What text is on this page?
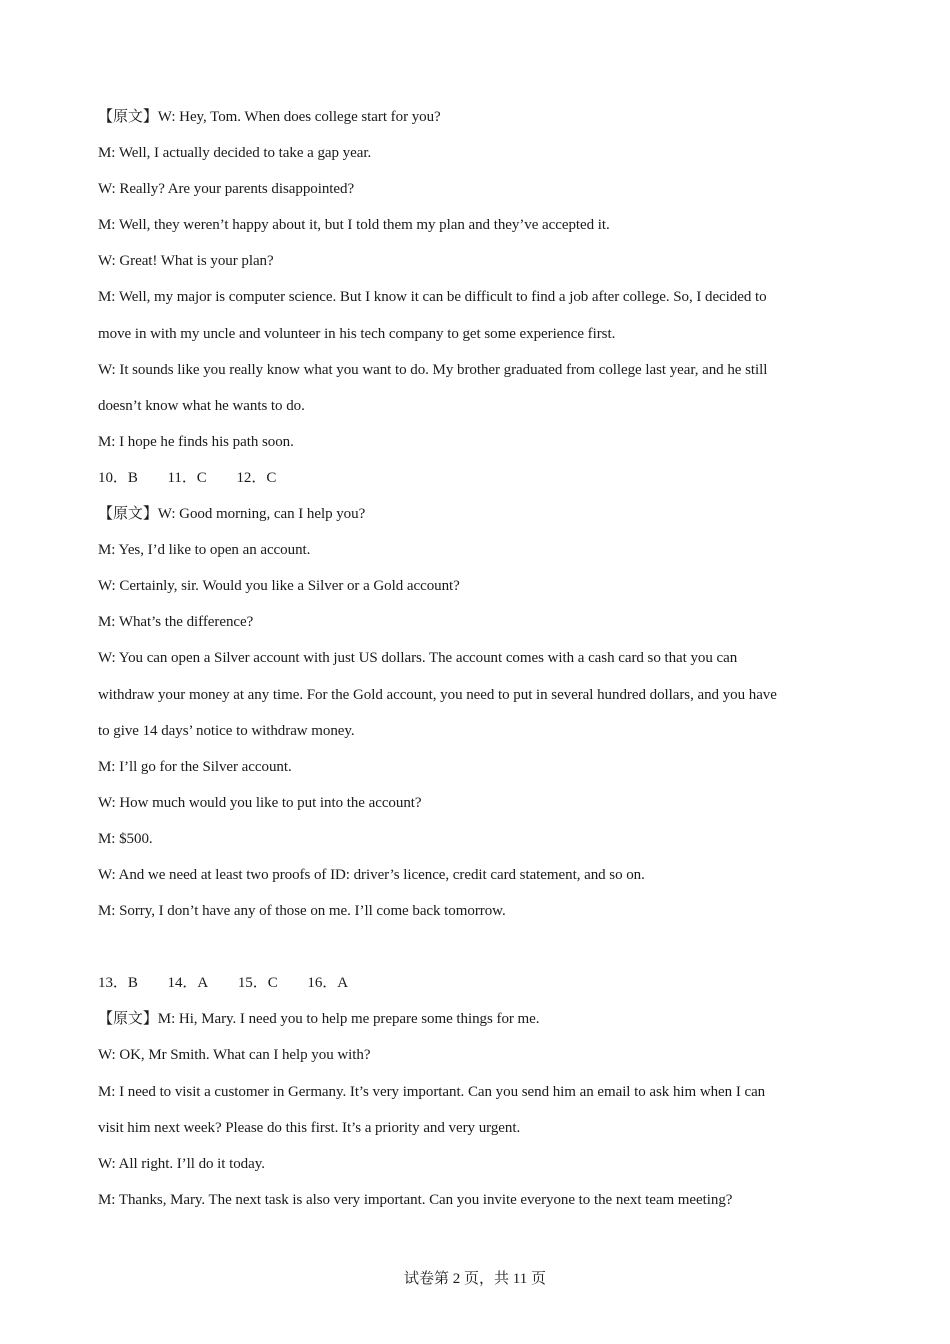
【原文】W: Hey, Tom. When does college start for you?
M: Well, I actually decided to take a gap year.
W: Really? Are your parents disappointed?
M: Well, they weren’t happy about it, but I told them my plan and they’ve accepted it.
W: Great! What is your plan?
M: Well, my major is computer science. But I know it can be difficult to find a job after college. So, I decided to
move in with my uncle and volunteer in his tech company to get some experience first.
W: It sounds like you really know what you want to do. My brother graduated from college last year, and he still
doesn’t know what he wants to do.
M: I hope he finds his path soon.
10．B 11．C 12．C
【原文】W: Good morning, can I help you?
M: Yes, I’d like to open an account.
W: Certainly, sir. Would you like a Silver or a Gold account?
M: What’s the difference?
W: You can open a Silver account with just US dollars. The account comes with a cash card so that you can
withdraw your money at any time. For the Gold account, you need to put in several hundred dollars, and you have
to give 14 days’ notice to withdraw money.
M: I’ll go for the Silver account.
W: How much would you like to put into the account?
M: $500.
W: And we need at least two proofs of ID: driver’s licence, credit card statement, and so on.
M: Sorry, I don’t have any of those on me. I’ll come back tomorrow.
13．B 14．A 15．C 16．A
【原文】M: Hi, Mary. I need you to help me prepare some things for me.
W: OK, Mr Smith. What can I help you with?
M: I need to visit a customer in Germany. It’s very important. Can you send him an email to ask him when I can
visit him next week? Please do this first. It’s a priority and very urgent.
W: All right. I’ll do it today.
M: Thanks, Mary. The next task is also very important. Can you invite everyone to the next team meeting?
试卷第 2 页，共 11 页
